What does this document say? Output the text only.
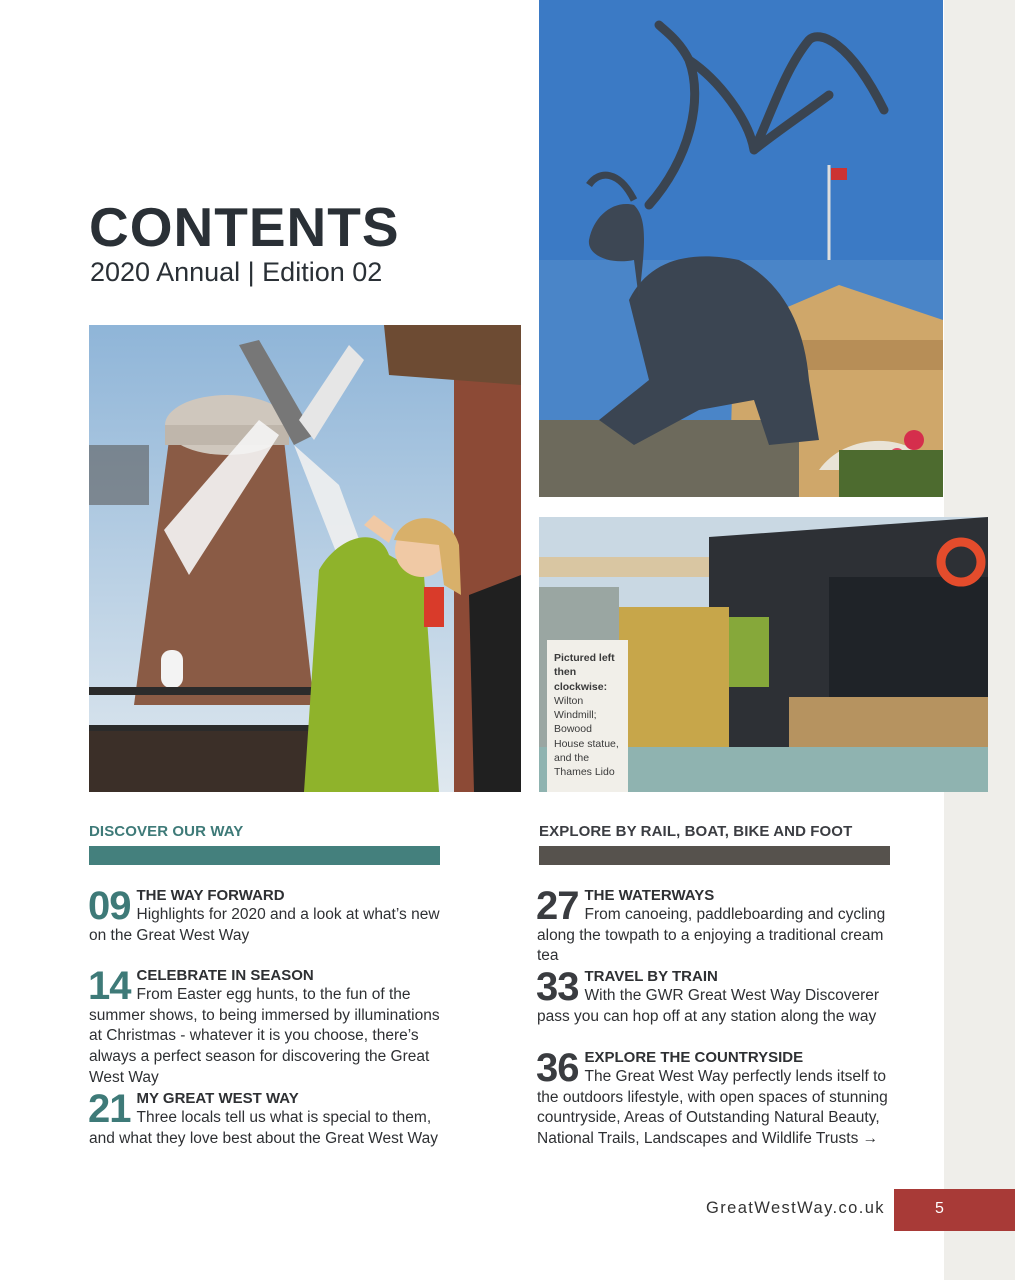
CONTENTS
2020 Annual | Edition 02
Pictured left then clockwise:
Wilton Windmill; Bowood House statue, and the Thames Lido
DISCOVER OUR WAY	EXPLORE BY RAIL, BOAT, BIKE AND FOOT
09 THE WAY FORWARD
Highlights for 2020 and a look at what’s new on the Great West Way
14 CELEBRATE IN SEASON
From Easter egg hunts, to the fun of the summer shows, to being immersed by illuminations at Christmas - whatever it is you choose, there’s always a perfect season for discovering the Great West Way
21 MY GREAT WEST WAY
Three locals tell us what is special to them, and what they love best about the Great West Way
27 THE WATERWAYS
From canoeing, paddleboarding and cycling along the towpath to a enjoying a traditional cream tea
33 TRAVEL BY TRAIN
With the GWR Great West Way Discoverer pass you can hop off at any station along the way
36 EXPLORE THE COUNTRYSIDE
The Great West Way perfectly lends itself to the outdoors lifestyle, with open spaces of stunning countryside, Areas of Outstanding Natural Beauty, National Trails, Landscapes and Wildlife Trusts →
GreatWestWay.co.uk	5
